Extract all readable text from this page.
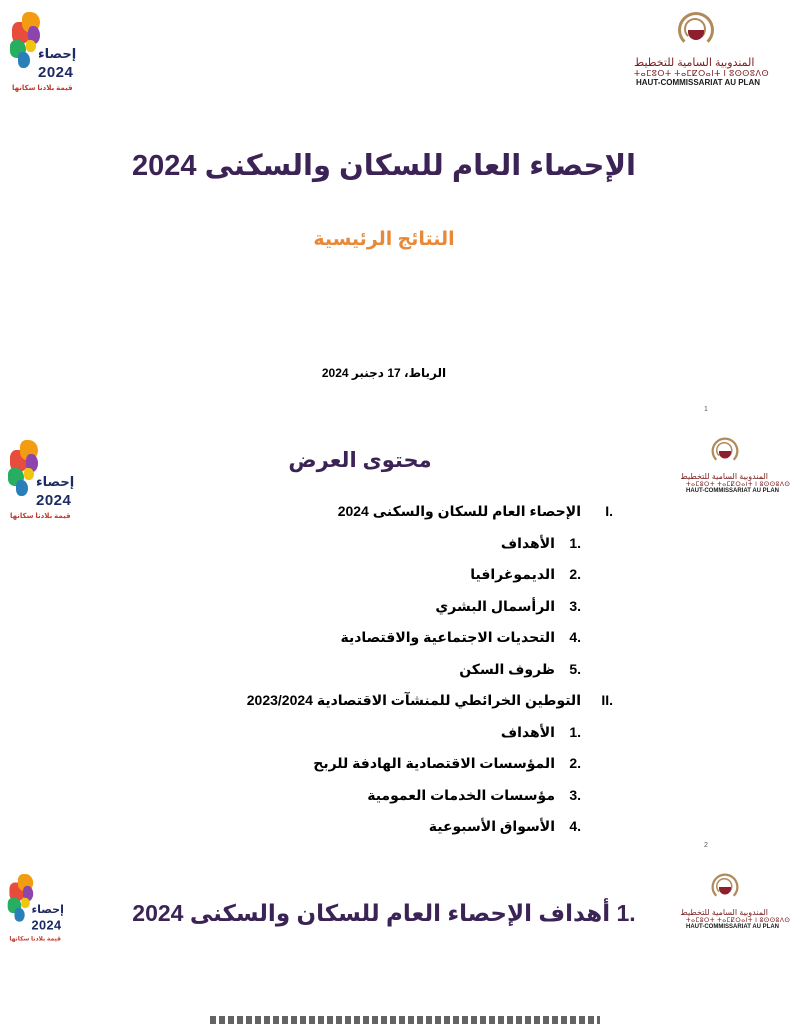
إحصاء
2024
قيمة بلادنا سكانها
المندوبية السامية للتخطيط
ⵜⴰⵎⵓⵔⵜ ⵜⴰⵎⵇⵔⴰⵏⵜ ⵏ ⵓⵙⵙⵓⴷⵙ
HAUT-COMMISSARIAT AU PLAN
الإحصاء العام للسكان والسكنى 2024
النتائج الرئيسية
الرباط، 17 دجنبر 2024
1
إحصاء
2024
قيمة بلادنا سكانها
المندوبية السامية للتخطيط
ⵜⴰⵎⵓⵔⵜ ⵜⴰⵎⵇⵔⴰⵏⵜ ⵏ ⵓⵙⵙⵓⴷⵙ
HAUT-COMMISSARIAT AU PLAN
محتوى العرض
I.
الإحصاء العام للسكان والسكنى 2024
1.
الأهداف
2.
الديموغرافيا
3.
الرأسمال البشري
4.
التحديات الاجتماعية والاقتصادية
5.
ظروف السكن
II.
التوطين الخرائطي للمنشآت الاقتصادية 2023/2024
1.
الأهداف
2.
المؤسسات الاقتصادية الهادفة للربح
3.
مؤسسات الخدمات العمومية
4.
الأسواق الأسبوعية
2
إحصاء
2024
قيمة بلادنا سكانها
المندوبية السامية للتخطيط
ⵜⴰⵎⵓⵔⵜ ⵜⴰⵎⵇⵔⴰⵏⵜ ⵏ ⵓⵙⵙⵓⴷⵙ
HAUT-COMMISSARIAT AU PLAN
1. أهداف الإحصاء العام للسكان والسكنى 2024
